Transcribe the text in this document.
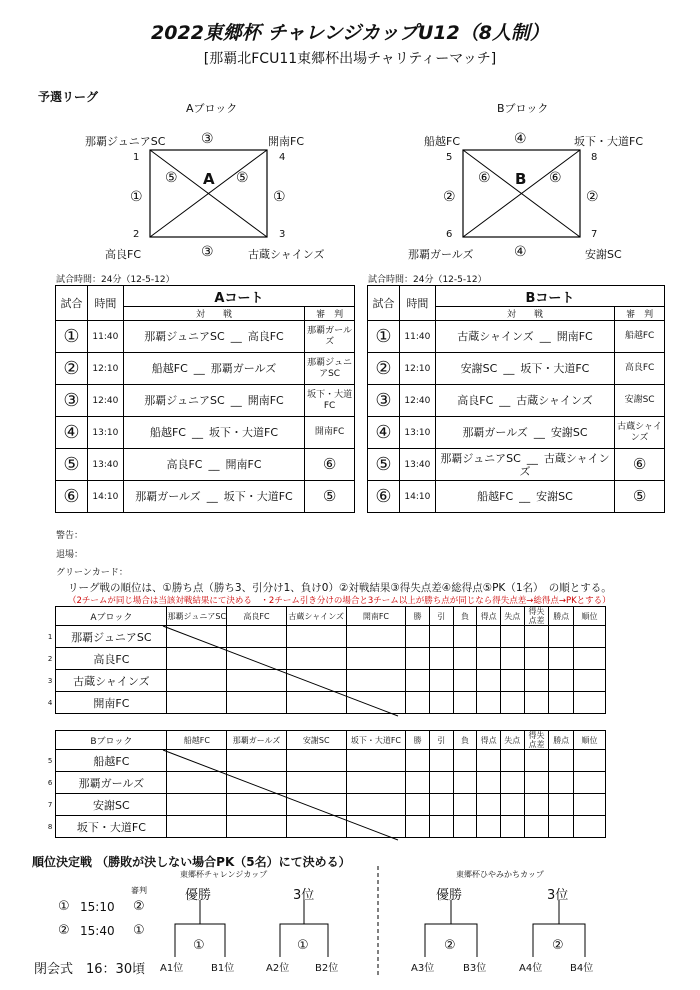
2022東郷杯 チャレンジカップU12（8人制）
[那覇北FCU11東郷杯出場チャリティーマッチ]
予選リーグ
Aブロック
那覇ジュニアSC	開南FC
高良FC	古蔵シャインズ
1	4
2	3
③
③
①	①
⑤	⑤
A
Bブロック
船越FC	坂下・大道FC
那覇ガールズ	安謝SC
5	8
6	7
④
④
②	②
⑥	⑥
B
試合時間：24分（12-5-12）
試合	時間	Aコート	
		対　　戦	審　判
①	11:40	那覇ジュニアSC __ 高良FC	那覇ガールズ
②	12:10	船越FC __ 那覇ガールズ	那覇ジュニアSC
③	12:40	那覇ジュニアSC __ 開南FC	坂下・大道FC
④	13:10	船越FC __ 坂下・大道FC	開南FC
⑤	13:40	高良FC __ 開南FC	⑥
⑥	14:10	那覇ガールズ __ 坂下・大道FC	⑤
試合時間：24分（12-5-12）
試合	時間	Bコート	
		対　　戦	審　判
①	11:40	古蔵シャインズ __ 開南FC	船越FC
②	12:10	安謝SC __ 坂下・大道FC	高良FC
③	12:40	高良FC __ 古蔵シャインズ	安謝SC
④	13:10	那覇ガールズ __ 安謝SC	古蔵シャインズ
⑤	13:40	那覇ジュニアSC __ 古蔵シャインズ	⑥
⑥	14:10	船越FC __ 安謝SC	⑤
警告：
退場：
グリーンカード：
リーグ戦の順位は、①勝ち点（勝ち3、引分け1、負け0）②対戦結果③得失点差④総得点⑤PK（1名）　の順とする。
（2チームが同じ場合は当該対戦結果にて決める　・2チーム引き分けの場合と3チーム以上が勝ち点が同じなら得失点差→総得点→PKとする）
	Aブロック	那覇ジュニアSC	高良FC	古蔵シャインズ	開南FC	勝	引	負	得点	失点	得失点差	勝点	順位
1	那覇ジュニアSC												
2	高良FC												
3	古蔵シャインズ												
4	開南FC												
	Bブロック	船越FC	那覇ガールズ	安謝SC	坂下・大道FC	勝	引	負	得点	失点	得失点差	勝点	順位
5	船越FC												
6	那覇ガールズ												
7	安謝SC												
8	坂下・大道FC												
順位決定戦 （勝敗が決しない場合PK（5名）にて決める）
東郷杯チャレンジカップ	東郷杯ひやみかちカップ
審判
① 15:10 ②
② 15:40 ①
閉会式　16：30頃
優勝	3位
①	①
A1位	B1位	A2位	B2位
優勝	3位
②	②
A3位	B3位	A4位	B4位
